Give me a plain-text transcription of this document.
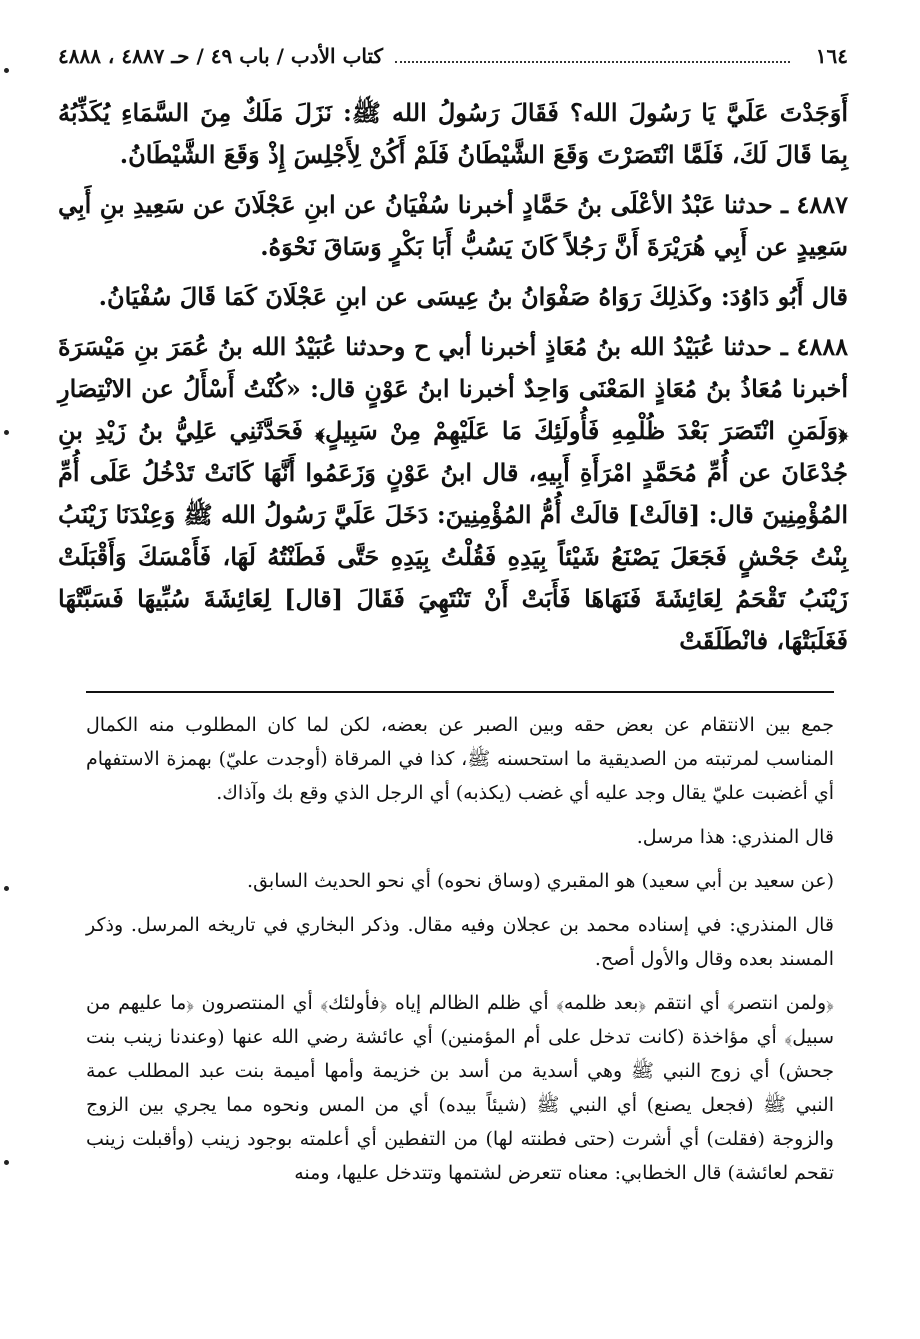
١٦٤
كتاب الأدب / باب ٤٩ / حـ ٤٨٨٧ ، ٤٨٨٨

أَوَجَدْتَ عَلَيَّ يَا رَسُولَ الله؟ فَقَالَ رَسُولُ الله ﷺ: نَزَلَ مَلَكٌ مِنَ السَّمَاءِ يُكَذِّبُهُ بِمَا قَالَ لَكَ، فَلَمَّا انْتَصَرْتَ وَقَعَ الشَّيْطَانُ فَلَمْ أَكُنْ لِأَجْلِسَ إِذْ وَقَعَ الشَّيْطَانُ.

٤٨٨٧ ـ حدثنا عَبْدُ الأعْلَى بنُ حَمَّادٍ أخبرنا سُفْيَانُ عن ابنِ عَجْلَانَ عن سَعِيدِ بنِ أَبِي سَعِيدٍ عن أَبِي هُرَيْرَةَ أَنَّ رَجُلاً كَانَ يَسُبُّ أَبَا بَكْرٍ وَسَاقَ نَحْوَهُ.

قال أَبُو دَاوُدَ: وكَذلِكَ رَوَاهُ صَفْوَانُ بنُ عِيسَى عن ابنِ عَجْلَانَ كَمَا قَالَ سُفْيَانُ.

٤٨٨٨ ـ حدثنا عُبَيْدُ الله بنُ مُعَاذٍ أخبرنا أبي ح وحدثنا عُبَيْدُ الله بنُ عُمَرَ بنِ مَيْسَرَةَ أخبرنا مُعَاذُ بنُ مُعَاذٍ المَعْنَى وَاحِدٌ أخبرنا ابنُ عَوْنٍ قال: «كُنْتُ أَسْأَلُ عن الانْتِصَارِ ﴿وَلَمَنِ انْتَصَرَ بَعْدَ ظُلْمِهِ فَأُولَئِكَ مَا عَلَيْهِمْ مِنْ سَبِيلٍ﴾ فَحَدَّثَنِي عَلِيُّ بنُ زَيْدِ بنِ جُدْعَانَ عن أُمِّ مُحَمَّدٍ امْرَأَةِ أَبِيهِ، قال ابنُ عَوْنٍ وَزَعَمُوا أَنَّهَا كَانَتْ تَدْخُلُ عَلَى أُمِّ المُؤْمِنِينَ قال: [قالَتْ] قالَتْ أُمُّ المُؤْمِنِينَ: دَخَلَ عَلَيَّ رَسُولُ الله ﷺ وَعِنْدَنَا زَيْنَبُ بِنْتُ جَحْشٍ فَجَعَلَ يَصْنَعُ شَيْئاً بِيَدِهِ فَقُلْتُ بِيَدِهِ حَتَّى فَطَنْتُهُ لَهَا، فَأَمْسَكَ وَأَقْبَلَتْ زَيْنَبُ تَقْحَمُ لِعَائِشَةَ فَنَهَاهَا فَأَبَتْ أَنْ تَنْتَهِيَ فَقَالَ [قال] لِعَائِشَةَ سُبِّيهَا فَسَبَّتْهَا فَغَلَبَتْهَا، فانْطَلَقَتْ

جمع بين الانتقام عن بعض حقه وبين الصبر عن بعضه، لكن لما كان المطلوب منه الكمال المناسب لمرتبته من الصديقية ما استحسنه ﷺ، كذا في المرقاة (أوجدت عليّ) بهمزة الاستفهام أي أغضبت عليّ يقال وجد عليه أي غضب (يكذبه) أي الرجل الذي وقع بك وآذاك.

قال المنذري: هذا مرسل.

(عن سعيد بن أبي سعيد) هو المقبري (وساق نحوه) أي نحو الحديث السابق.

قال المنذري: في إسناده محمد بن عجلان وفيه مقال. وذكر البخاري في تاريخه المرسل. وذكر المسند بعده وقال والأول أصح.

﴿ولمن انتصر﴾ أي انتقم ﴿بعد ظلمه﴾ أي ظلم الظالم إياه ﴿فأولئك﴾ أي المنتصرون ﴿ما عليهم من سبيل﴾ أي مؤاخذة (كانت تدخل على أم المؤمنين) أي عائشة رضي الله عنها (وعندنا زينب بنت جحش) أي زوج النبي ﷺ وهي أسدية من أسد بن خزيمة وأمها أميمة بنت عبد المطلب عمة النبي ﷺ (فجعل يصنع) أي النبي ﷺ (شيئاً بيده) أي من المس ونحوه مما يجري بين الزوج والزوجة (فقلت) أي أشرت (حتى فطنته لها) من التفطين أي أعلمته بوجود زينب (وأقبلت زينب تقحم لعائشة) قال الخطابي: معناه تتعرض لشتمها وتتدخل عليها، ومنه
